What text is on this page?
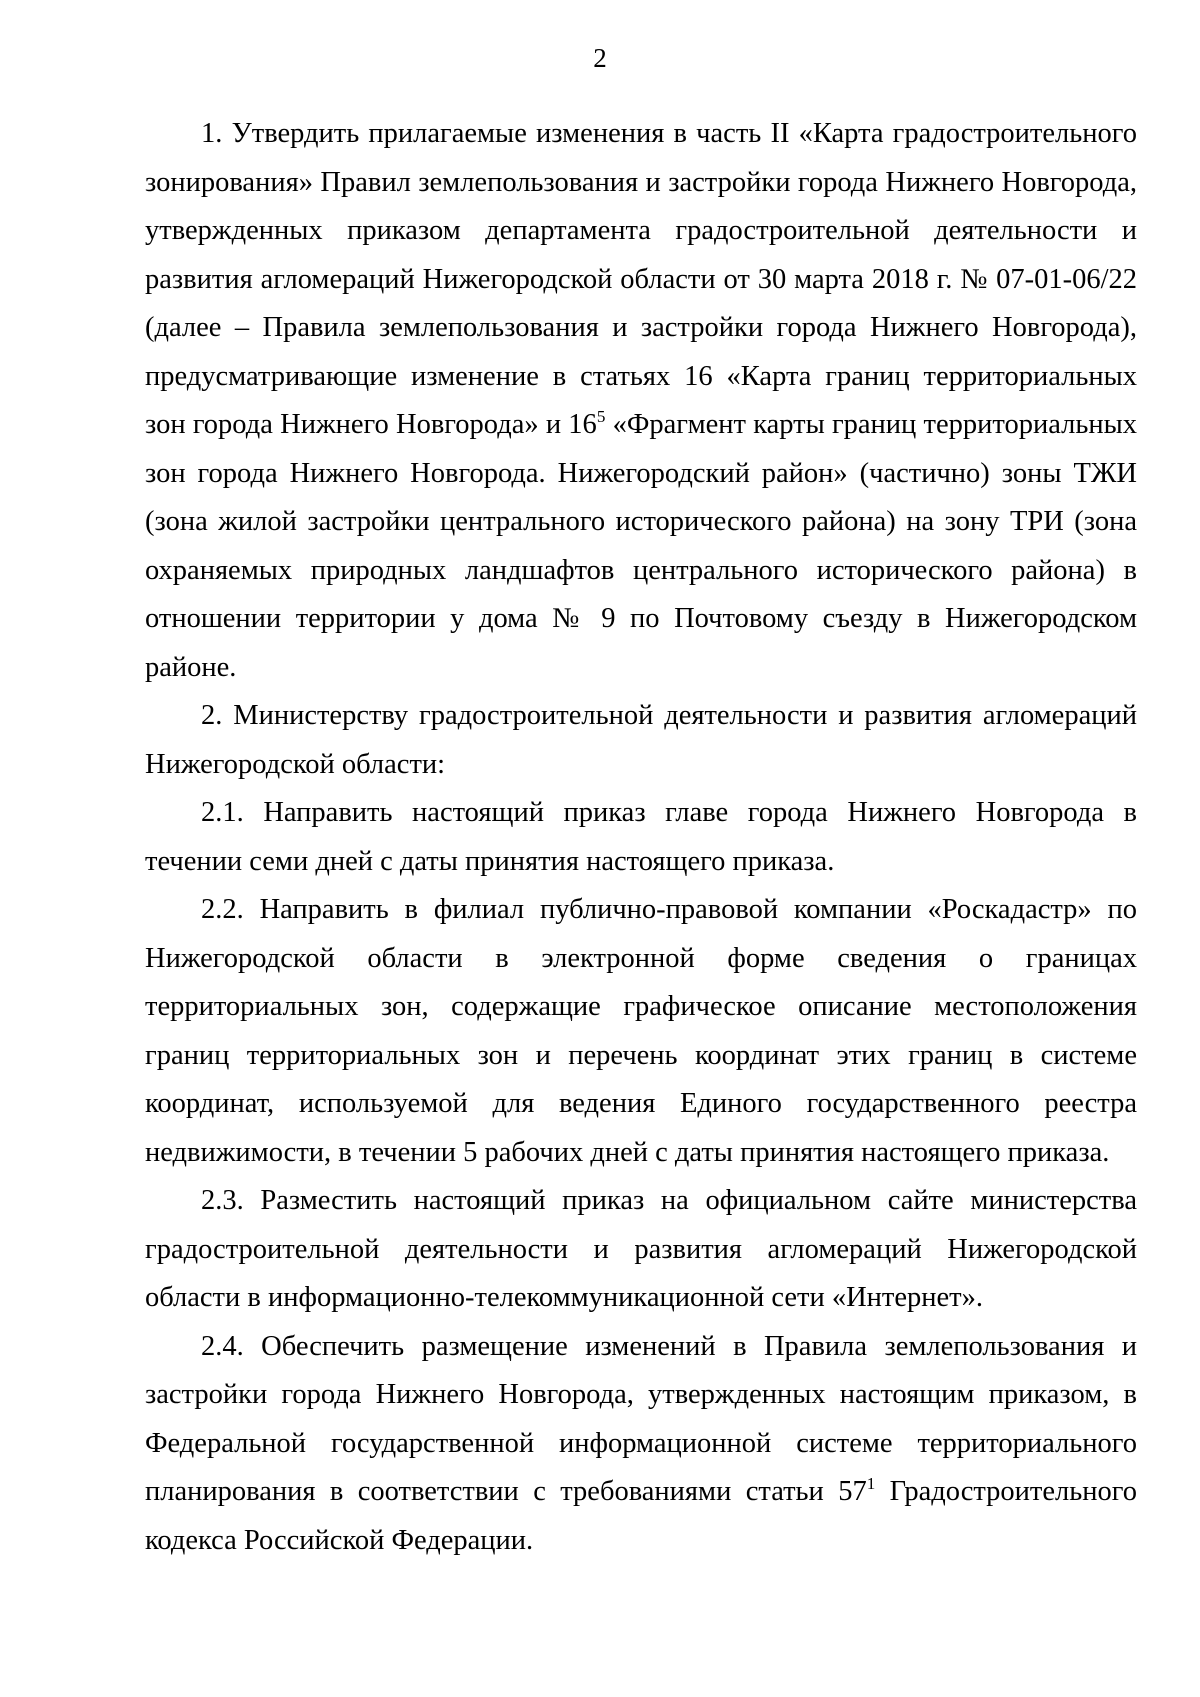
2

1. Утвердить прилагаемые изменения в часть II «Карта градостроительного зонирования» Правил землепользования и застройки города Нижнего Новгорода, утвержденных приказом департамента градостроительной деятельности и развития агломераций Нижегородской области от 30 марта 2018 г. № 07-01-06/22 (далее – Правила землепользования и застройки города Нижнего Новгорода), предусматривающие изменение в статьях 16 «Карта границ территориальных зон города Нижнего Новгорода» и $16^5$ «Фрагмент карты границ территориальных зон города Нижнего Новгорода. Нижегородский район» (частично) зоны ТЖИ (зона жилой застройки центрального исторического района) на зону ТРИ (зона охраняемых природных ландшафтов центрального исторического района) в отношении территории у дома № 9 по Почтовому съезду в Нижегородском районе.

2. Министерству градостроительной деятельности и развития агломераций Нижегородской области:

2.1. Направить настоящий приказ главе города Нижнего Новгорода в течении семи дней с даты принятия настоящего приказа.

2.2. Направить в филиал публично-правовой компании «Роскадастр» по Нижегородской области в электронной форме сведения о границах территориальных зон, содержащие графическое описание местоположения границ территориальных зон и перечень координат этих границ в системе координат, используемой для ведения Единого государственного реестра недвижимости, в течении 5 рабочих дней с даты принятия настоящего приказа.

2.3. Разместить настоящий приказ на официальном сайте министерства градостроительной деятельности и развития агломераций Нижегородской области в информационно-телекоммуникационной сети «Интернет».

2.4. Обеспечить размещение изменений в Правила землепользования и застройки города Нижнего Новгорода, утвержденных настоящим приказом, в Федеральной государственной информационной системе территориального планирования в соответствии с требованиями статьи $57^1$ Градостроительного кодекса Российской Федерации.
